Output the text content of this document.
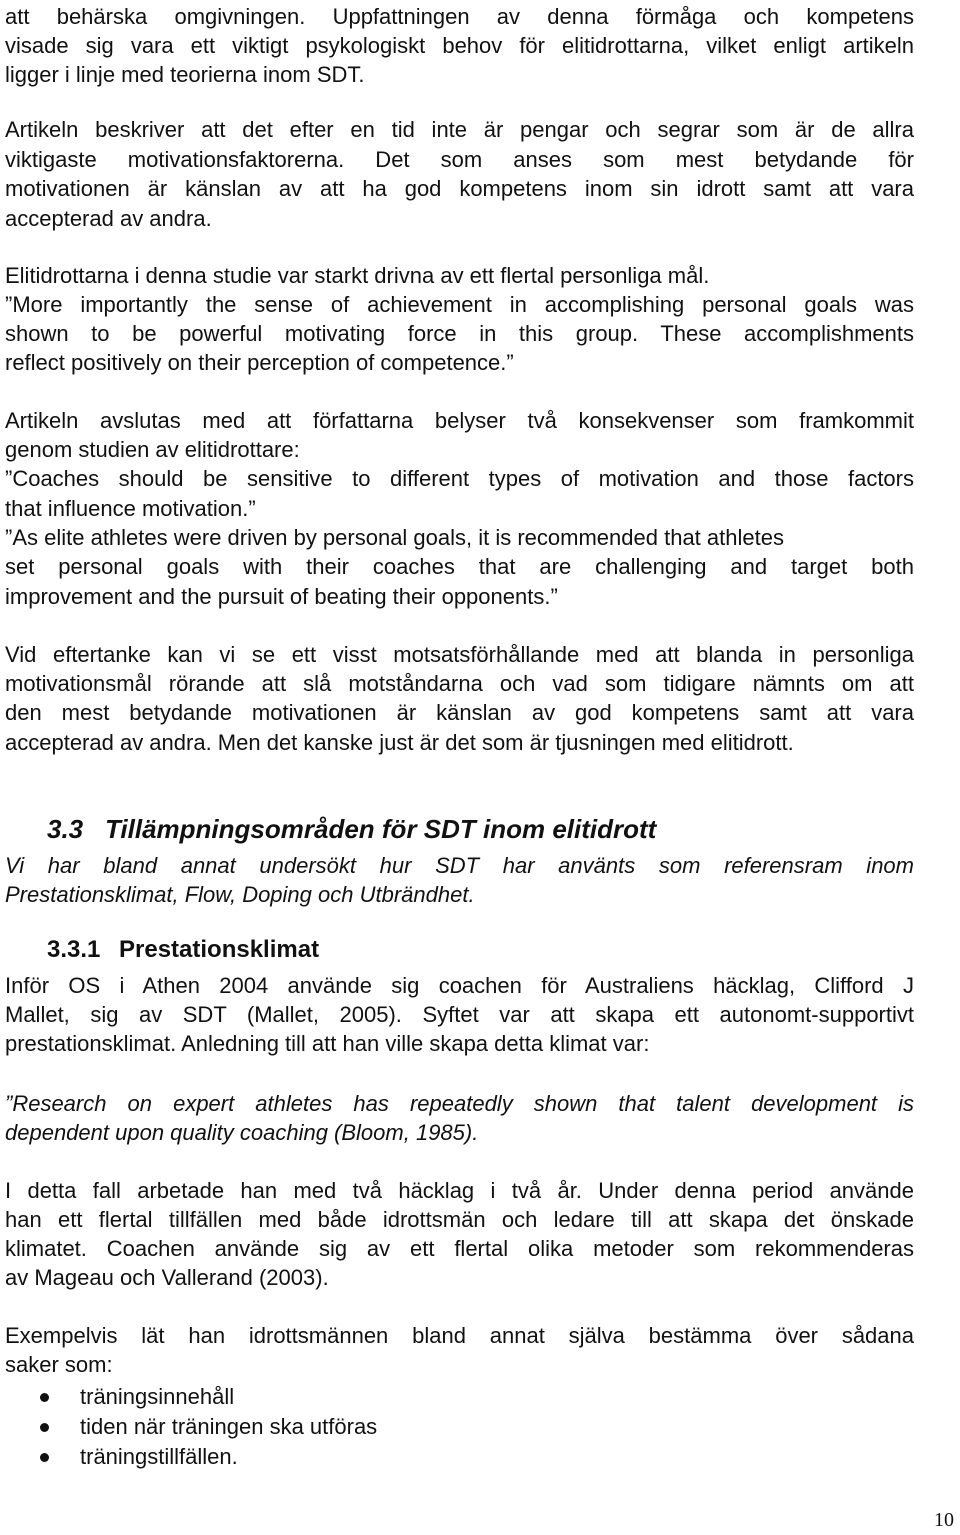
att behärska omgivningen. Uppfattningen av denna förmåga och kompetens
visade sig vara ett viktigt psykologiskt behov för elitidrottarna, vilket enligt artikeln
ligger i linje med teorierna inom SDT.
Artikeln beskriver att det efter en tid inte är pengar och segrar som är de allra
viktigaste motivationsfaktorerna. Det som anses som mest betydande för
motivationen är känslan av att ha god kompetens inom sin idrott samt att vara
accepterad av andra.
Elitidrottarna i denna studie var starkt drivna av ett flertal personliga mål.
”More importantly the sense of achievement in accomplishing personal goals was
shown to be powerful motivating force in this group. These accomplishments
reflect positively on their perception of competence.”
Artikeln avslutas med att författarna belyser två konsekvenser som framkommit
genom studien av elitidrottare:
”Coaches should be sensitive to different types of motivation and those factors
that influence motivation.”
”As elite athletes were driven by personal goals, it is recommended that athletes
set personal goals with their coaches that are challenging and target both
improvement and the pursuit of beating their opponents.”
Vid eftertanke kan vi se ett visst motsatsförhållande med att blanda in personliga
motivationsmål rörande att slå motståndarna och vad som tidigare nämnts om att
den mest betydande motivationen är känslan av god kompetens samt att vara
accepterad av andra. Men det kanske just är det som är tjusningen med elitidrott.
Vi har bland annat undersökt hur SDT har använts som referensram inom
Prestationsklimat, Flow, Doping och Utbrändhet.
Inför OS i Athen 2004 använde sig coachen för Australiens häcklag, Clifford J
Mallet, sig av SDT (Mallet, 2005). Syftet var att skapa ett autonomt-supportivt
prestationsklimat. Anledning till att han ville skapa detta klimat var:
”Research on expert athletes has repeatedly shown that talent development is
dependent upon quality coaching (Bloom, 1985).
I detta fall arbetade han med två häcklag i två år. Under denna period använde
han ett flertal tillfällen med både idrottsmän och ledare till att skapa det önskade
klimatet. Coachen använde sig av ett flertal olika metoder som rekommenderas
av Mageau och Vallerand (2003).
Exempelvis lät han idrottsmännen bland annat själva bestämma över sådana
saker som:
3.3 Tillämpningsområden för SDT inom elitidrott
3.3.1 Prestationsklimat
träningsinnehåll
tiden när träningen ska utföras
träningstillfällen.
10
